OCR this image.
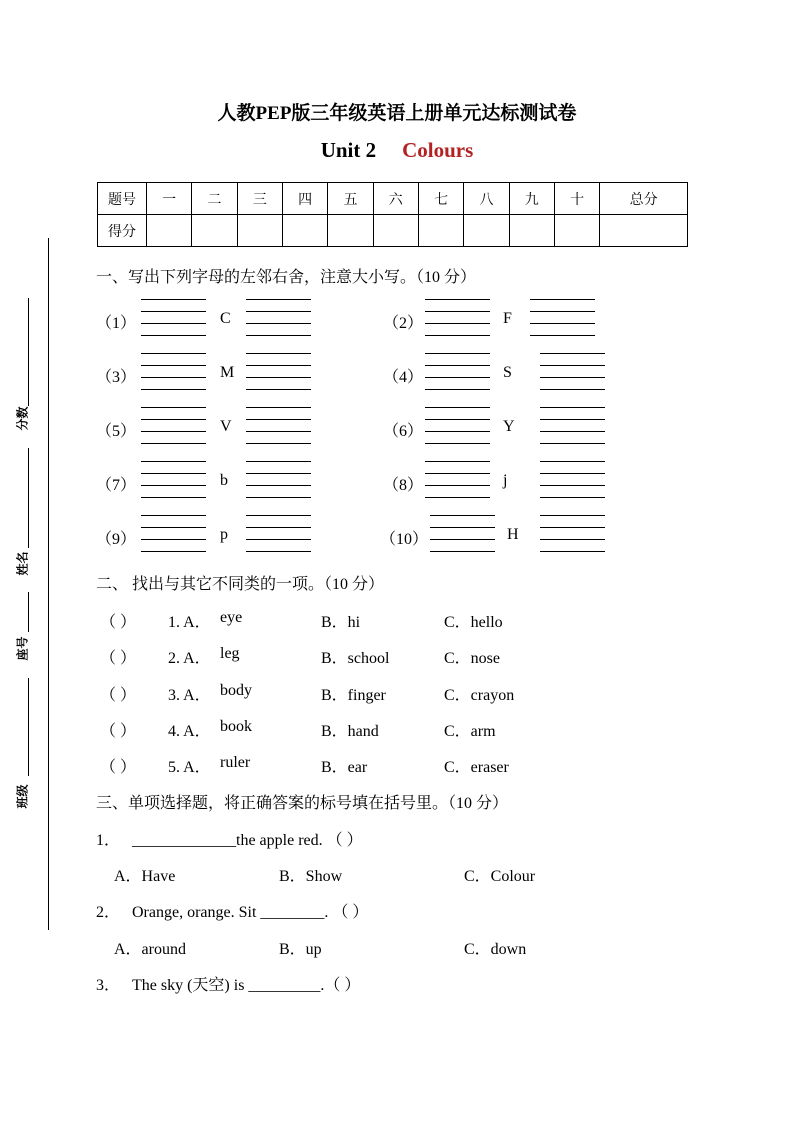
人教PEP版三年级英语上册单元达标测试卷
Unit 2 Colours
题号	一	二	三	四	五	六	七	八	九	十	总分
得分											
分数
姓名
座号
班级
一、写出下列字母的左邻右舍，注意大小写。（10 分）
（1）	C	（2）	F
（3）	M	（4）	S
（5）	V	（6）	Y
（7）	b	（8）	j
（9）	p	（10）	H
二、 找出与其它不同类的一项。（10 分）
（ ） 1. A． eye	B．hi	C．hello
（ ） 2. A． leg	B．school	C．nose
（ ） 3. A． body	B．finger	C．crayon
（ ） 4. A． book	B．hand	C．arm
（ ） 5. A． ruler	B．ear	C．eraser
三、单项选择题，将正确答案的标号填在括号里。（10 分）
1． _____________the apple red. （ ）
A．Have	B．Show	C．Colour
2． Orange, orange. Sit ________. （ ）
A．around	B．up	C．down
3． The sky (天空) is _________.（ ）
